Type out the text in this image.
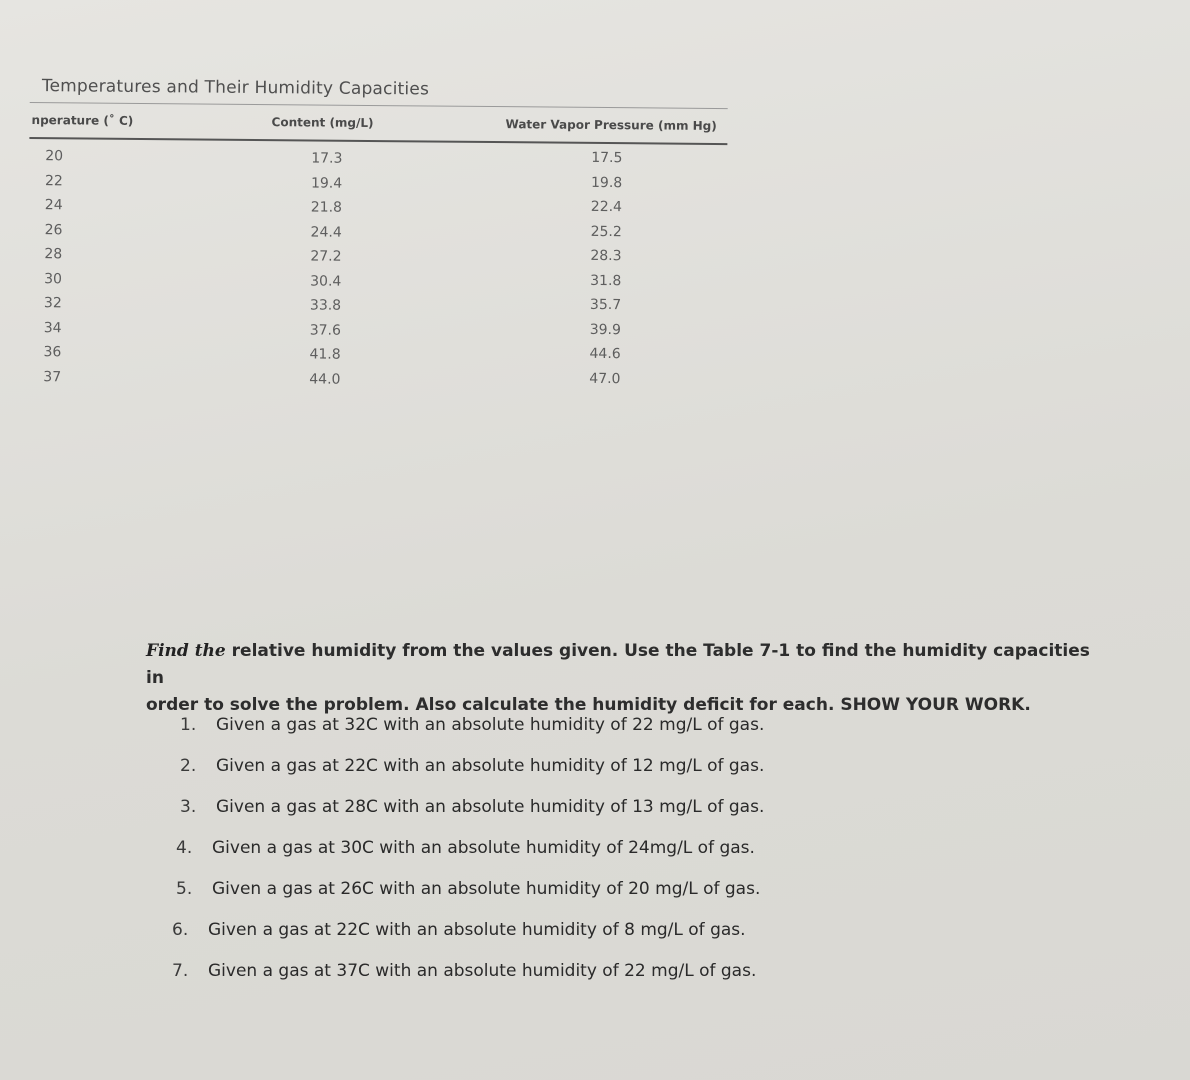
Temperatures and Their Humidity Capacities
nperature (˚ C)	Content (mg/L)	Water Vapor Pressure (mm Hg)
20	17.3	17.5
22	19.4	19.8
24	21.8	22.4
26	24.4	25.2
28	27.2	28.3
30	30.4	31.8
32	33.8	35.7
34	37.6	39.9
36	41.8	44.6
37	44.0	47.0
Find the relative humidity from the values given. Use the Table 7-1 to find the humidity capacities in
order to solve the problem. Also calculate the humidity deficit for each. SHOW YOUR WORK.
1. Given a gas at 32C with an absolute humidity of 22 mg/L of gas.
2. Given a gas at 22C with an absolute humidity of 12 mg/L of gas.
3. Given a gas at 28C with an absolute humidity of 13 mg/L of gas.
4. Given a gas at 30C with an absolute humidity of 24mg/L of gas.
5. Given a gas at 26C with an absolute humidity of 20 mg/L of gas.
6. Given a gas at 22C with an absolute humidity of 8 mg/L of gas.
7. Given a gas at 37C with an absolute humidity of 22 mg/L of gas.
